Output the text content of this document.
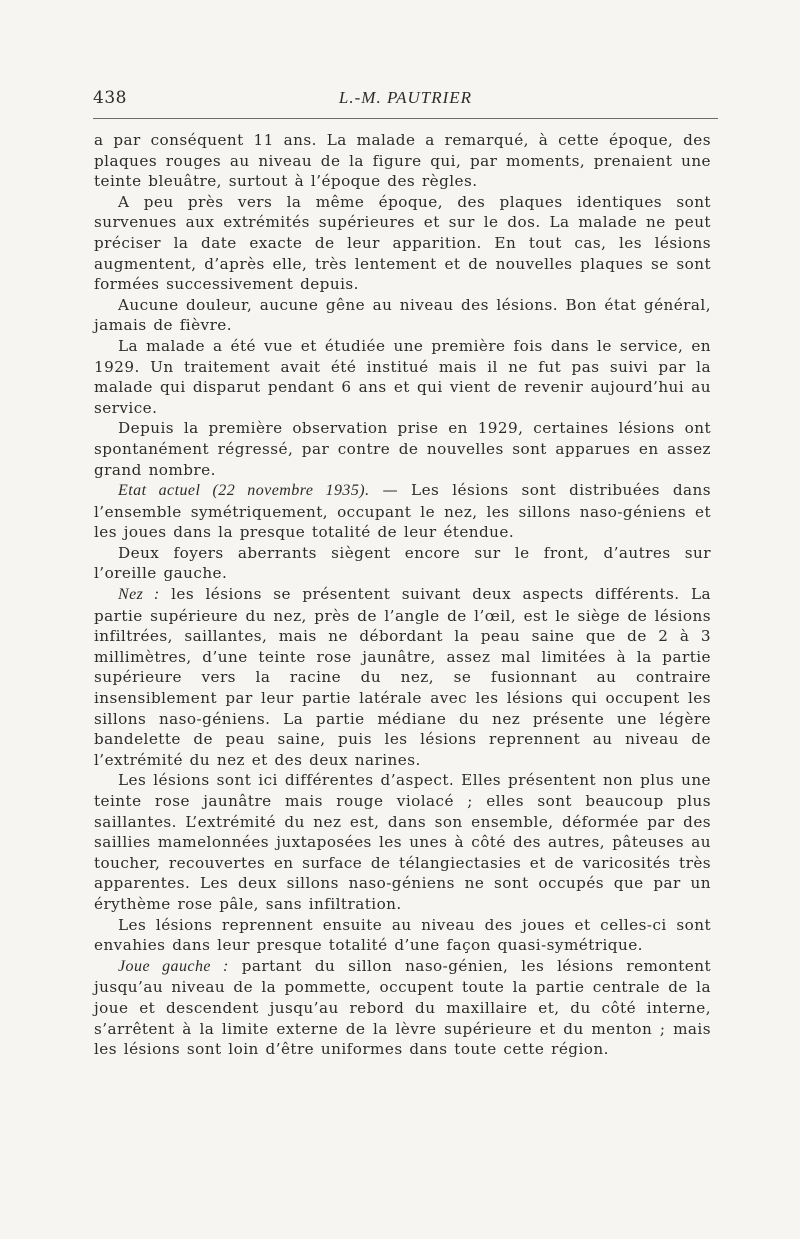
438	L.-M. PAUTRIER

a par conséquent 11 ans. La malade a remarqué, à cette époque, des plaques rouges au niveau de la figure qui, par moments, prenaient une teinte bleuâtre, surtout à l’époque des règles.

A peu près vers la même époque, des plaques identiques sont survenues aux extrémités supérieures et sur le dos. La malade ne peut préciser la date exacte de leur apparition. En tout cas, les lésions augmentent, d’après elle, très lentement et de nouvelles plaques se sont formées successivement depuis.

Aucune douleur, aucune gêne au niveau des lésions. Bon état général, jamais de fièvre.

La malade a été vue et étudiée une première fois dans le service, en 1929. Un traitement avait été institué mais il ne fut pas suivi par la malade qui disparut pendant 6 ans et qui vient de revenir aujourd’hui au service.

Depuis la première observation prise en 1929, certaines lésions ont spontanément régressé, par contre de nouvelles sont apparues en assez grand nombre.

Etat actuel (22 novembre 1935). — Les lésions sont distribuées dans l’ensemble symétriquement, occupant le nez, les sillons naso-géniens et les joues dans la presque totalité de leur étendue.

Deux foyers aberrants siègent encore sur le front, d’autres sur l’oreille gauche.

Nez : les lésions se présentent suivant deux aspects différents. La partie supérieure du nez, près de l’angle de l’œil, est le siège de lésions infiltrées, saillantes, mais ne débordant la peau saine que de 2 à 3 millimètres, d’une teinte rose jaunâtre, assez mal limitées à la partie supérieure vers la racine du nez, se fusionnant au contraire insensiblement par leur partie latérale avec les lésions qui occupent les sillons naso-géniens. La partie médiane du nez présente une légère bandelette de peau saine, puis les lésions reprennent au niveau de l’extrémité du nez et des deux narines.

Les lésions sont ici différentes d’aspect. Elles présentent non plus une teinte rose jaunâtre mais rouge violacé ; elles sont beaucoup plus saillantes. L’extrémité du nez est, dans son ensemble, déformée par des saillies mamelonnées juxtaposées les unes à côté des autres, pâteuses au toucher, recouvertes en surface de télangiectasies et de varicosités très apparentes. Les deux sillons naso-géniens ne sont occupés que par un érythème rose pâle, sans infiltration.

Les lésions reprennent ensuite au niveau des joues et celles-ci sont envahies dans leur presque totalité d’une façon quasi-symétrique.

Joue gauche : partant du sillon naso-génien, les lésions remontent jusqu’au niveau de la pommette, occupent toute la partie centrale de la joue et descendent jusqu’au rebord du maxillaire et, du côté interne, s’arrêtent à la limite externe de la lèvre supérieure et du menton ; mais les lésions sont loin d’être uniformes dans toute cette région.
